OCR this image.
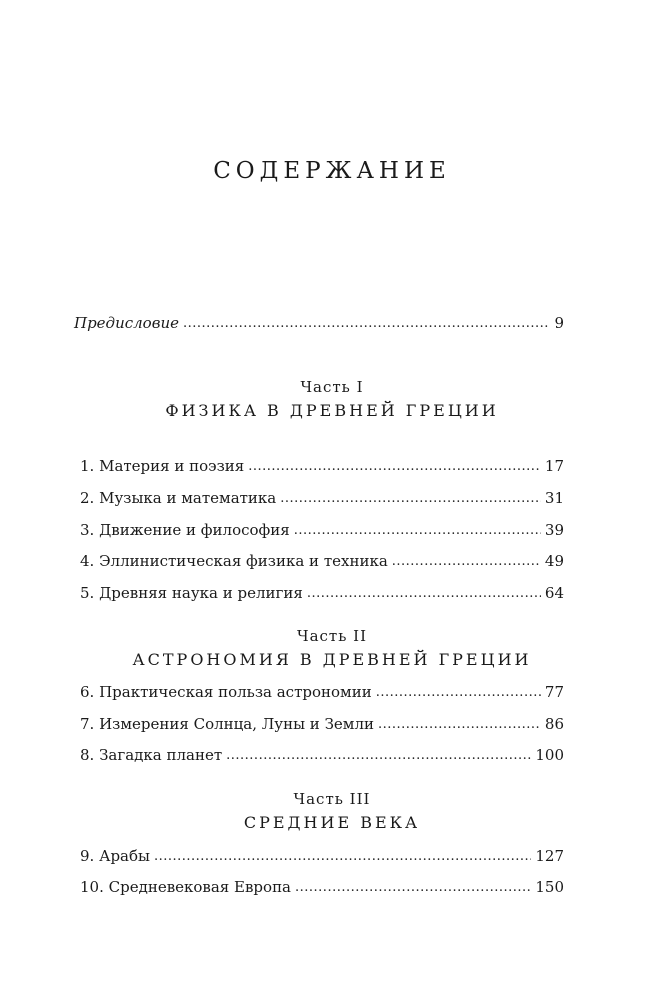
СОДЕРЖАНИЕ
Предисловие .....	9
Часть I
ФИЗИКА В ДРЕВНЕЙ ГРЕЦИИ
1. Материя и поэзия .....	17
2. Музыка и математика .....	31
3. Движение и философия .....	39
4. Эллинистическая физика и техника .....	49
5. Древняя наука и религия .....	64
Часть II
АСТРОНОМИЯ В ДРЕВНЕЙ ГРЕЦИИ
6. Практическая польза астрономии .....	77
7. Измерения Солнца, Луны и Земли .....	86
8. Загадка планет .....	100
Часть III
СРЕДНИЕ ВЕКА
9. Арабы .....	127
10. Средневековая Европа .....	150
